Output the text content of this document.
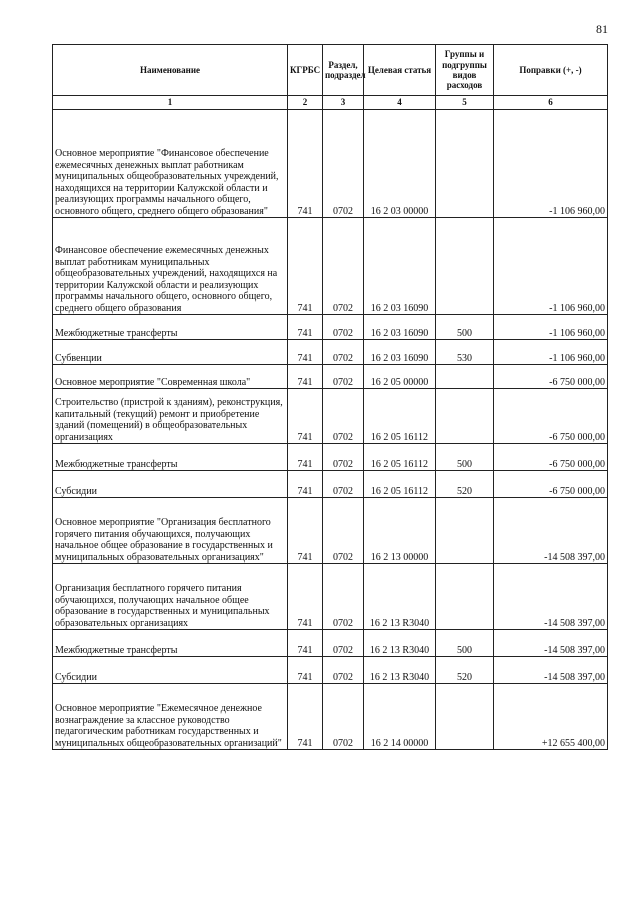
81
Наименование	КГРБС	Раздел, подраздел	Целевая статья	Группы и подгруппы видов расходов	Поправки (+, -)
1	2	3	4	5	6
Основное мероприятие "Финансовое обеспечение ежемесячных денежных выплат работникам муниципальных общеобразовательных учреждений, находящихся на территории Калужской области и реализующих программы начального общего, основного общего, среднего общего образования"	741	0702	16 2 03 00000		-1 106 960,00
Финансовое обеспечение ежемесячных денежных выплат работникам муниципальных общеобразовательных учреждений, находящихся на территории Калужской области и реализующих программы начального общего, основного общего, среднего общего образования	741	0702	16 2 03 16090		-1 106 960,00
Межбюджетные трансферты	741	0702	16 2 03 16090	500	-1 106 960,00
Субвенции	741	0702	16 2 03 16090	530	-1 106 960,00
Основное мероприятие "Современная школа"	741	0702	16 2 05 00000		-6 750 000,00
Строительство (пристрой к зданиям), реконструкция, капитальный (текущий) ремонт и приобретение зданий (помещений) в общеобразовательных организациях	741	0702	16 2 05 16112		-6 750 000,00
Межбюджетные трансферты	741	0702	16 2 05 16112	500	-6 750 000,00
Субсидии	741	0702	16 2 05 16112	520	-6 750 000,00
Основное мероприятие "Организация бесплатного горячего питания обучающихся, получающих начальное общее образование в государственных и муниципальных образовательных организациях"	741	0702	16 2 13 00000		-14 508 397,00
Организация бесплатного горячего питания обучающихся, получающих начальное общее образование в государственных и муниципальных образовательных организациях	741	0702	16 2 13 R3040		-14 508 397,00
Межбюджетные трансферты	741	0702	16 2 13 R3040	500	-14 508 397,00
Субсидии	741	0702	16 2 13 R3040	520	-14 508 397,00
Основное мероприятие "Ежемесячное денежное вознаграждение за классное руководство педагогическим работникам государственных и муниципальных общеобразовательных организаций"	741	0702	16 2 14 00000		+12 655 400,00
